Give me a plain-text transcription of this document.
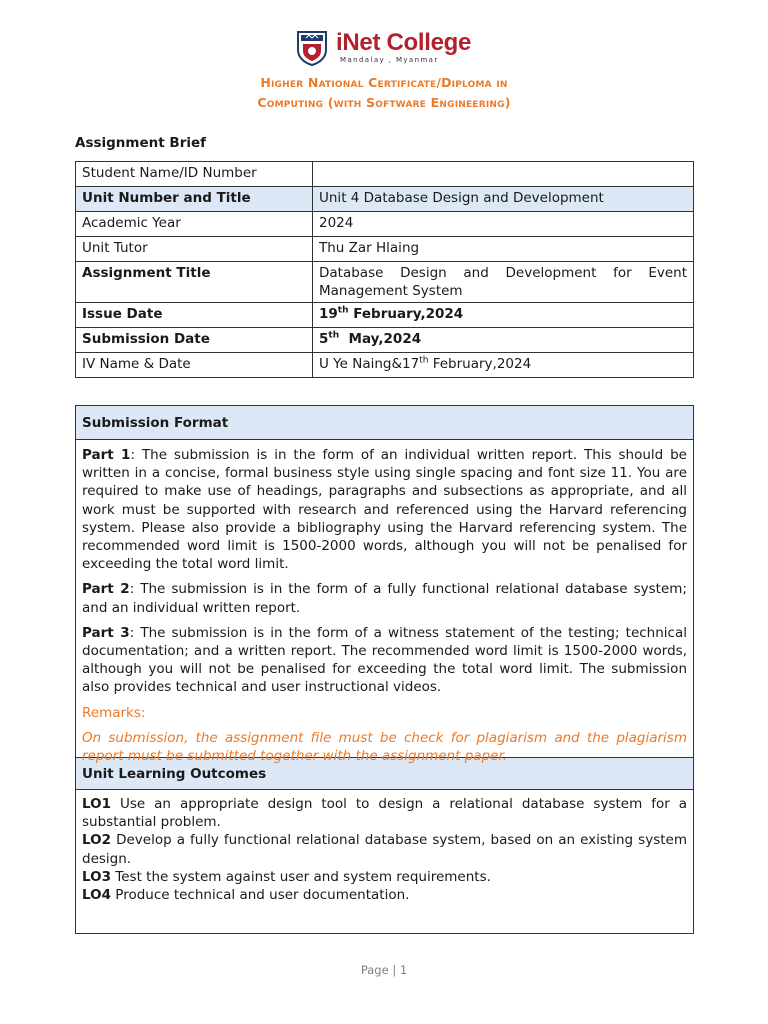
iNet College
Mandalay , Myanmar
Higher National Certificate/Diploma in
Computing (with Software Engineering)
Assignment Brief
Student Name/ID Number	
Unit Number and Title	Unit 4 Database Design and Development
Academic Year	2024
Unit Tutor	Thu Zar Hlaing
Assignment Title	Database Design and Development for Event
Management System

Issue Date	19th February,2024
Submission Date	5th  May,2024
IV Name & Date	U Ye Naing&17th February,2024
Submission Format

Part 1: The submission is in the form of an individual written report. This should be written in a concise, formal business style using single spacing and font size 11. You are required to make use of headings, paragraphs and subsections as appropriate, and all work must be supported with research and referenced using the Harvard referencing system. Please also provide a bibliography using the Harvard referencing system. The recommended word limit is 1500-2000 words, although you will not be penalised for exceeding the total word limit.

Part 2: The submission is in the form of a fully functional relational database system; and an individual written report.

Part 3: The submission is in the form of a witness statement of the testing; technical documentation; and a written report. The recommended word limit is 1500-2000 words, although you will not be penalised for exceeding the total word limit. The submission also provides technical and user instructional videos.

Remarks:

On submission, the assignment file must be check for plagiarism and the plagiarism report must be submitted together with the assignment paper.

Unit Learning Outcomes

LO1 Use an appropriate design tool to design a relational database system for a substantial problem.

LO2 Develop a fully functional relational database system, based on an existing system design.

LO3 Test the system against user and system requirements.

LO4 Produce technical and user documentation.

Page | 1
